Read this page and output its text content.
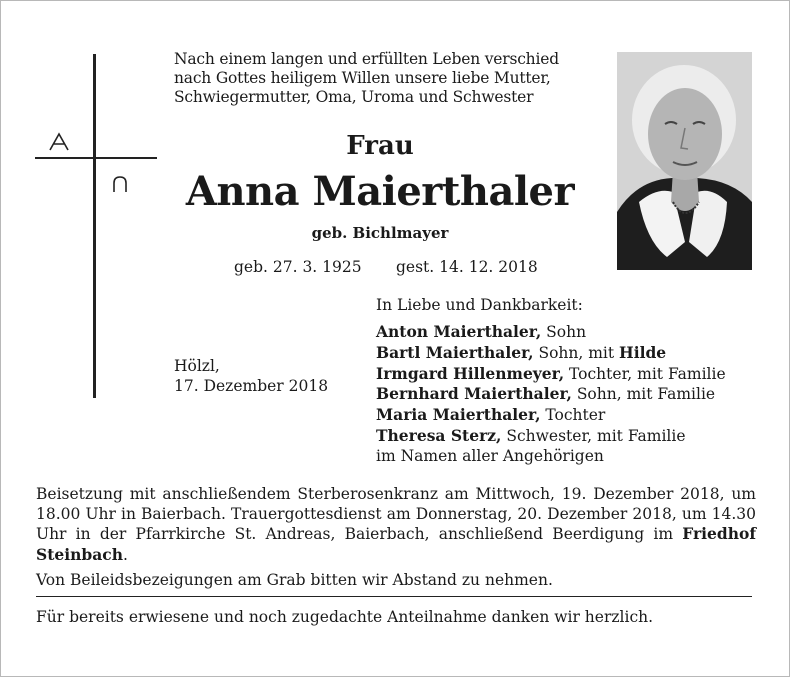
Nach einem langen und erfüllten Leben verschied
nach Gottes heiligem Willen unsere liebe Mutter,
Schwiegermutter, Oma, Uroma und Schwester
Frau
Anna Maierthaler
geb. Bichlmayer
geb. 27. 3. 1925 gest. 14. 12. 2018
In Liebe und Dankbarkeit:
Hölzl,
17. Dezember 2018
Anton Maierthaler, Sohn
Bartl Maierthaler, Sohn, mit Hilde
Irmgard Hillenmeyer, Tochter, mit Familie
Bernhard Maierthaler, Sohn, mit Familie
Maria Maierthaler, Tochter
Theresa Sterz, Schwester, mit Familie
im Namen aller Angehörigen
Beisetzung mit anschließendem Sterberosenkranz am Mittwoch, 19. Dezember 2018, um 18.00 Uhr in Baierbach. Trauergottesdienst am Donnerstag, 20. Dezember 2018, um 14.30 Uhr in der Pfarrkirche St. Andreas, Baierbach, anschließend Beerdigung im Friedhof Steinbach.
Von Beileidsbezeigungen am Grab bitten wir Abstand zu nehmen.
Für bereits erwiesene und noch zugedachte Anteilnahme danken wir herzlich.
